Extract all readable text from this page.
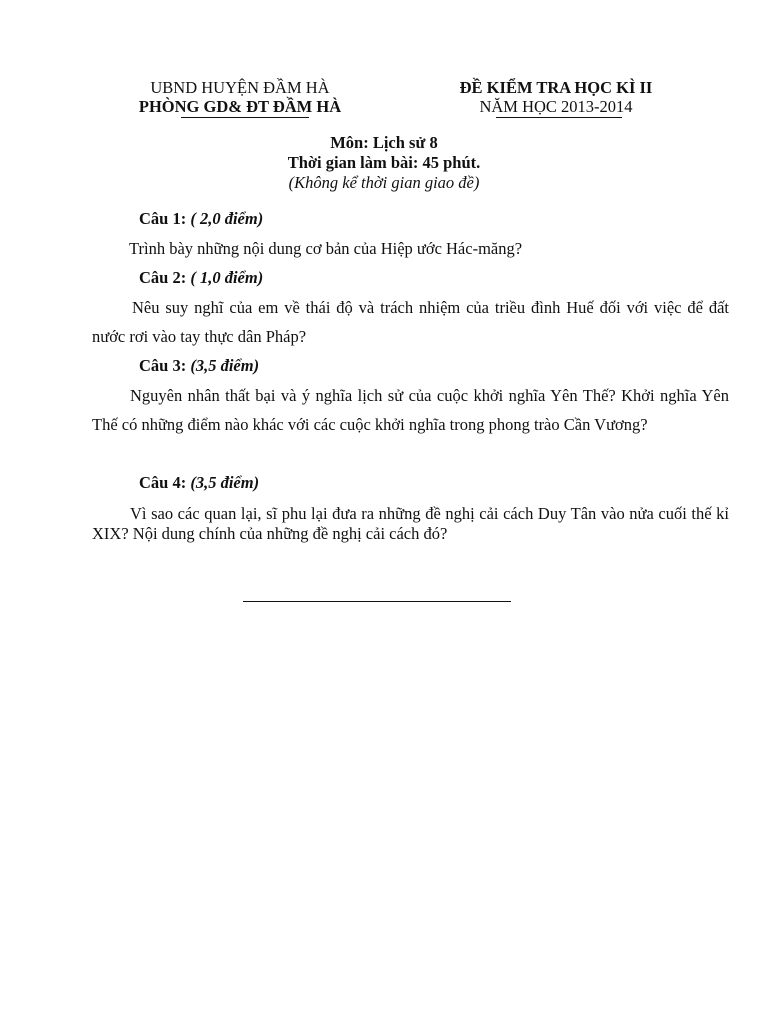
UBND HUYỆN ĐẦM HÀ
PHÒNG GD& ĐT ĐẦM HÀ
ĐỀ KIỂM TRA HỌC KÌ II
NĂM HỌC 2013-2014
Môn: Lịch sử 8
Thời gian làm bài: 45 phút.
(Không kể thời gian giao đề)
Câu 1: ( 2,0 điểm)
Trình bày những nội dung cơ bản của Hiệp ước Hác-măng?
Câu 2: ( 1,0 điểm)
Nêu suy nghĩ của em về thái độ và trách nhiệm của triều đình Huế đối với việc để đất nước rơi vào tay thực dân Pháp?
Câu 3: (3,5 điểm)
Nguyên nhân thất bại và ý nghĩa lịch sử của cuộc khởi nghĩa Yên Thế? Khởi nghĩa Yên Thế có những điểm nào khác với các cuộc khởi nghĩa trong phong trào Cần Vương?
Câu 4: (3,5 điểm)
Vì sao các quan lại, sĩ phu lại đưa ra những đề nghị cải cách Duy Tân vào nửa cuối thế kỉ XIX? Nội dung chính của những đề nghị cải cách đó?
